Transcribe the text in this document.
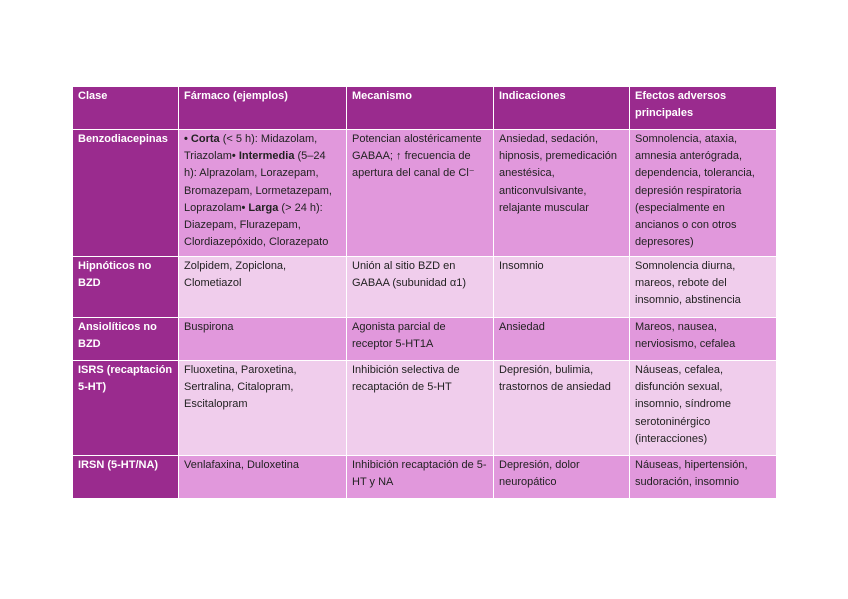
Clase	Fármaco (ejemplos)	Mecanismo	Indicaciones	Efectos adversos principales
Benzodiacepinas	• Corta (< 5 h): Midazolam, Triazolam• Intermedia (5–24 h): Alprazolam, Lorazepam, Bromazepam, Lormetazepam, Loprazolam• Larga (> 24 h): Diazepam, Flurazepam, Clordiazepóxido, Clorazepato	Potencian alostéricamente GABAA; ↑ frecuencia de apertura del canal de Cl⁻	Ansiedad, sedación, hipnosis, premedicación anestésica, anticonvulsivante, relajante muscular	Somnolencia, ataxia, amnesia anterógrada, dependencia, tolerancia, depresión respiratoria (especialmente en ancianos o con otros depresores)
Hipnóticos no BZD	Zolpidem, Zopiclona, Clometiazol	Unión al sitio BZD en GABAA (subunidad α1)	Insomnio	Somnolencia diurna, mareos, rebote del insomnio, abstinencia
Ansiolíticos no BZD	Buspirona	Agonista parcial de receptor 5-HT1A	Ansiedad	Mareos, nausea, nerviosismo, cefalea
ISRS (recaptación 5-HT)	Fluoxetina, Paroxetina, Sertralina, Citalopram, Escitalopram	Inhibición selectiva de recaptación de 5-HT	Depresión, bulimia, trastornos de ansiedad	Náuseas, cefalea, disfunción sexual, insomnio, síndrome serotoninérgico (interacciones)
IRSN (5-HT/NA)	Venlafaxina, Duloxetina	Inhibición recaptación de 5-HT y NA	Depresión, dolor neuropático	Náuseas, hipertensión, sudoración, insomnio
